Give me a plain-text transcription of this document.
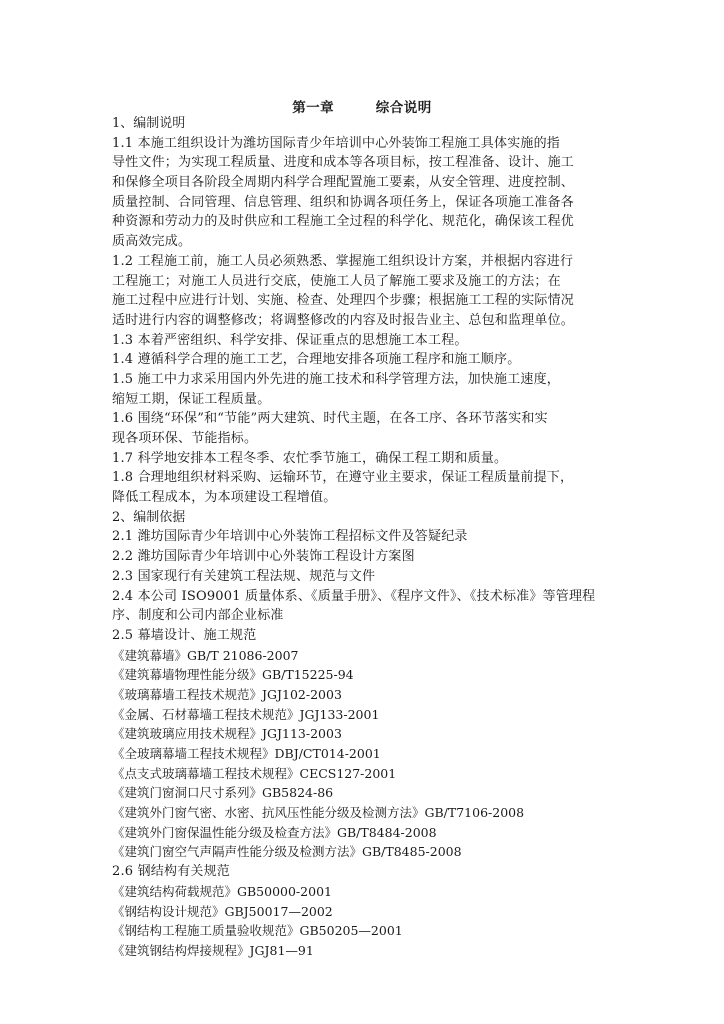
第一章        综合说明
1、编制说明
1.1 本施工组织设计为潍坊国际青少年培训中心外装饰工程施工具体实施的指
导性文件；为实现工程质量、进度和成本等各项目标，按工程准备、设计、施工
和保修全项目各阶段全周期内科学合理配置施工要素，从安全管理、进度控制、
质量控制、合同管理、信息管理、组织和协调各项任务上，保证各项施工准备各
种资源和劳动力的及时供应和工程施工全过程的科学化、规范化，确保该工程优
质高效完成。
1.2 工程施工前，施工人员必须熟悉、掌握施工组织设计方案，并根据内容进行
工程施工；对施工人员进行交底，使施工人员了解施工要求及施工的方法；在
施工过程中应进行计划、实施、检查、处理四个步骤；根据施工工程的实际情况
适时进行内容的调整修改；将调整修改的内容及时报告业主、总包和监理单位。
1.3 本着严密组织、科学安排、保证重点的思想施工本工程。
1.4 遵循科学合理的施工工艺，合理地安排各项施工程序和施工顺序。
1.5 施工中力求采用国内外先进的施工技术和科学管理方法，加快施工速度，
缩短工期，保证工程质量。
1.6 围绕“环保”和“节能”两大建筑、时代主题，在各工序、各环节落实和实
现各项环保、节能指标。
1.7 科学地安排本工程冬季、农忙季节施工，确保工程工期和质量。
1.8 合理地组织材料采购、运输环节，在遵守业主要求，保证工程质量前提下，
降低工程成本，为本项建设工程增值。
2、编制依据
2.1 潍坊国际青少年培训中心外装饰工程招标文件及答疑纪录
2.2 潍坊国际青少年培训中心外装饰工程设计方案图
2.3 国家现行有关建筑工程法规、规范与文件
2.4 本公司 ISO9001 质量体系、《质量手册》、《程序文件》、《技术标准》等管理程
序、制度和公司内部企业标准
2.5 幕墙设计、施工规范
《建筑幕墙》GB/T 21086-2007
《建筑幕墙物理性能分级》GB/T15225-94
《玻璃幕墙工程技术规范》JGJ102-2003
《金属、石材幕墙工程技术规范》JGJ133-2001
《建筑玻璃应用技术规程》JGJ113-2003
《全玻璃幕墙工程技术规程》DBJ/CT014-2001
《点支式玻璃幕墙工程技术规程》CECS127-2001
《建筑门窗洞口尺寸系列》GB5824-86
《建筑外门窗气密、水密、抗风压性能分级及检测方法》GB/T7106-2008
《建筑外门窗保温性能分级及检查方法》GB/T8484-2008
《建筑门窗空气声隔声性能分级及检测方法》GB/T8485-2008
2.6 钢结构有关规范
《建筑结构荷载规范》GB50000-2001
《钢结构设计规范》GBJ50017—2002
《钢结构工程施工质量验收规范》GB50205—2001
《建筑钢结构焊接规程》JGJ81—91
